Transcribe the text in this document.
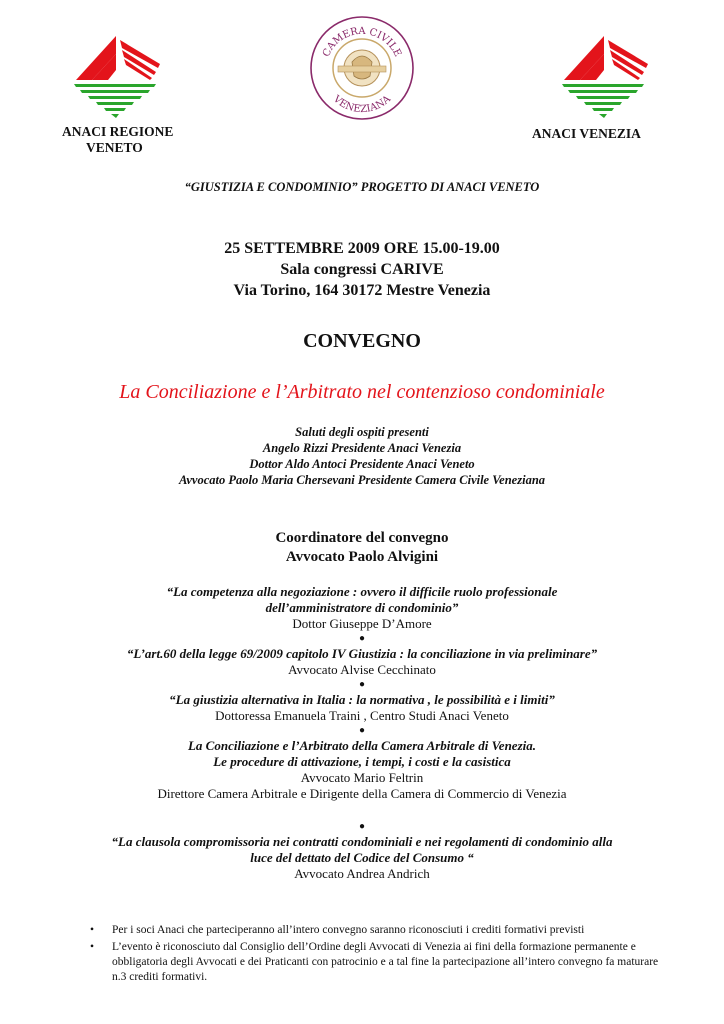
CAMERA CIVILE
VENEZIANA
ANACI REGIONE
VENETO
ANACI VENEZIA
“GIUSTIZIA E CONDOMINIO” PROGETTO DI ANACI VENETO
25 SETTEMBRE 2009 ORE 15.00-19.00
Sala congressi CARIVE
Via Torino, 164 30172 Mestre Venezia
CONVEGNO
La Conciliazione e l’Arbitrato nel contenzioso condominiale
Saluti degli ospiti presenti
Angelo Rizzi Presidente Anaci Venezia
Dottor Aldo Antoci Presidente Anaci Veneto
Avvocato Paolo Maria Chersevani Presidente Camera Civile Veneziana
Coordinatore del convegno
Avvocato Paolo Alvigini
“La competenza alla negoziazione : ovvero il difficile ruolo professionale
dell’amministratore di condominio”
Dottor Giuseppe D’Amore
●
“L’art.60 della legge 69/2009 capitolo IV Giustizia : la conciliazione in via preliminare”
Avvocato Alvise Cecchinato
●
“La giustizia alternativa in Italia : la normativa , le possibilità e i limiti”
Dottoressa Emanuela Traini , Centro Studi Anaci Veneto
●
La Conciliazione e l’Arbitrato della Camera Arbitrale di Venezia.
Le procedure di attivazione, i tempi, i costi e la casistica
Avvocato Mario Feltrin
Direttore Camera Arbitrale e Dirigente della Camera di Commercio di Venezia
●
“La clausola compromissoria nei contratti condominiali e nei regolamenti di condominio alla
luce del dettato del Codice del Consumo “
Avvocato Andrea Andrich
• Per i soci Anaci che parteciperanno all’intero convegno saranno riconosciuti i crediti formativi previsti
• L’evento è riconosciuto dal Consiglio dell’Ordine degli Avvocati di Venezia ai fini della formazione permanente e obbligatoria degli Avvocati e dei Praticanti con patrocinio e a tal fine la partecipazione all’intero convegno fa maturare n.3 crediti formativi.
